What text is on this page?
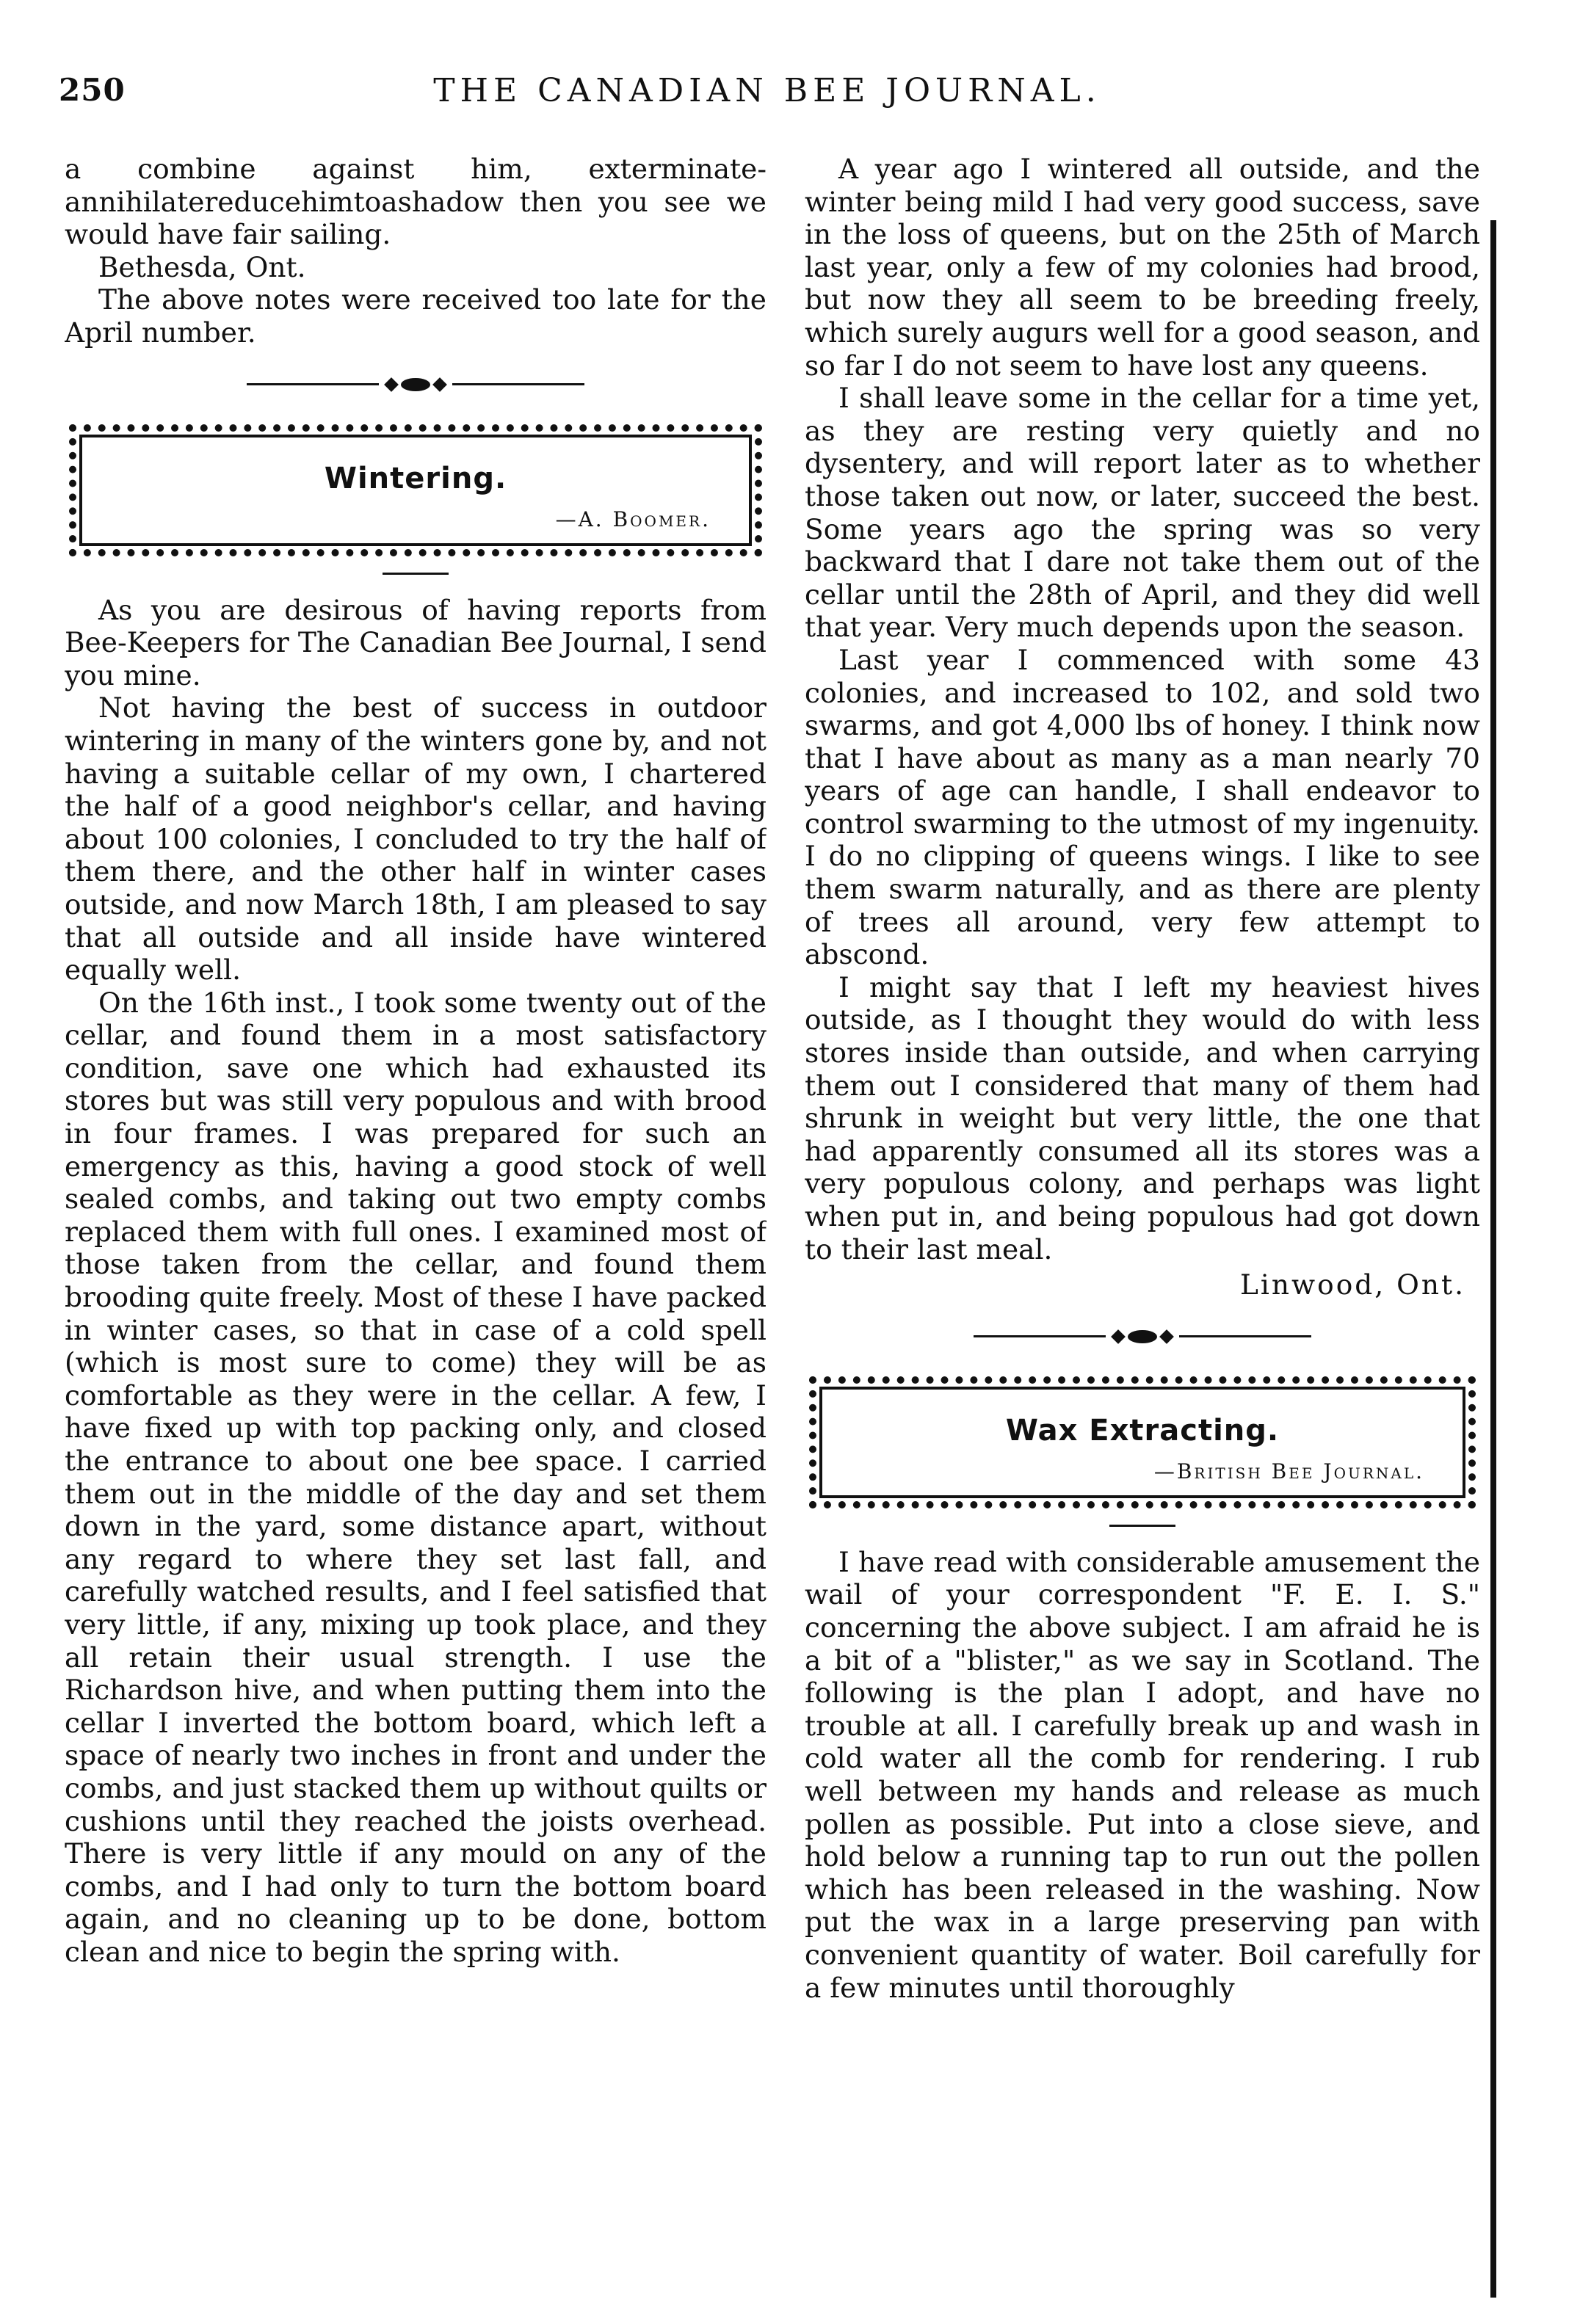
250	THE CANADIAN BEE JOURNAL.

a combine against him, exterminate-annihilatereducehimtoashadow then you see we would have fair sailing.

Bethesda, Ont.

The above notes were received too late for the April number.

Wintering.
—A. Boomer.

As you are desirous of having reports from Bee-Keepers for The Canadian Bee Journal, I send you mine.

Not having the best of success in outdoor wintering in many of the winters gone by, and not having a suitable cellar of my own, I chartered the half of a good neighbor's cellar, and having about 100 colonies, I concluded to try the half of them there, and the other half in winter cases outside, and now March 18th, I am pleased to say that all outside and all inside have wintered equally well.

On the 16th inst., I took some twenty out of the cellar, and found them in a most satisfactory condition, save one which had exhausted its stores but was still very populous and with brood in four frames. I was prepared for such an emergency as this, having a good stock of well sealed combs, and taking out two empty combs replaced them with full ones. I examined most of those taken from the cellar, and found them brooding quite freely. Most of these I have packed in winter cases, so that in case of a cold spell (which is most sure to come) they will be as comfortable as they were in the cellar. A few, I have fixed up with top packing only, and closed the entrance to about one bee space. I carried them out in the middle of the day and set them down in the yard, some distance apart, without any regard to where they set last fall, and carefully watched results, and I feel satisfied that very little, if any, mixing up took place, and they all retain their usual strength. I use the Richardson hive, and when putting them into the cellar I inverted the bottom board, which left a space of nearly two inches in front and under the combs, and just stacked them up without quilts or cushions until they reached the joists overhead. There is very little if any mould on any of the combs, and I had only to turn the bottom board again, and no cleaning up to be done, bottom clean and nice to begin the spring with.

A year ago I wintered all outside, and the winter being mild I had very good success, save in the loss of queens, but on the 25th of March last year, only a few of my colonies had brood, but now they all seem to be breeding freely, which surely augurs well for a good season, and so far I do not seem to have lost any queens.

I shall leave some in the cellar for a time yet, as they are resting very quietly and no dysentery, and will report later as to whether those taken out now, or later, succeed the best. Some years ago the spring was so very backward that I dare not take them out of the cellar until the 28th of April, and they did well that year. Very much depends upon the season.

Last year I commenced with some 43 colonies, and increased to 102, and sold two swarms, and got 4,000 lbs of honey. I think now that I have about as many as a man nearly 70 years of age can handle, I shall endeavor to control swarming to the utmost of my ingenuity. I do no clipping of queens wings. I like to see them swarm naturally, and as there are plenty of trees all around, very few attempt to abscond.

I might say that I left my heaviest hives outside, as I thought they would do with less stores inside than outside, and when carrying them out I considered that many of them had shrunk in weight but very little, the one that had apparently consumed all its stores was a very populous colony, and perhaps was light when put in, and being populous had got down to their last meal.

Linwood, Ont.

Wax Extracting.
—British Bee Journal.

I have read with considerable amusement the wail of your correspondent "F. E. I. S." concerning the above subject. I am afraid he is a bit of a "blister," as we say in Scotland. The following is the plan I adopt, and have no trouble at all. I carefully break up and wash in cold water all the comb for rendering. I rub well between my hands and release as much pollen as possible. Put into a close sieve, and hold below a running tap to run out the pollen which has been released in the washing. Now put the wax in a large preserving pan with convenient quantity of water. Boil carefully for a few minutes until thoroughly
